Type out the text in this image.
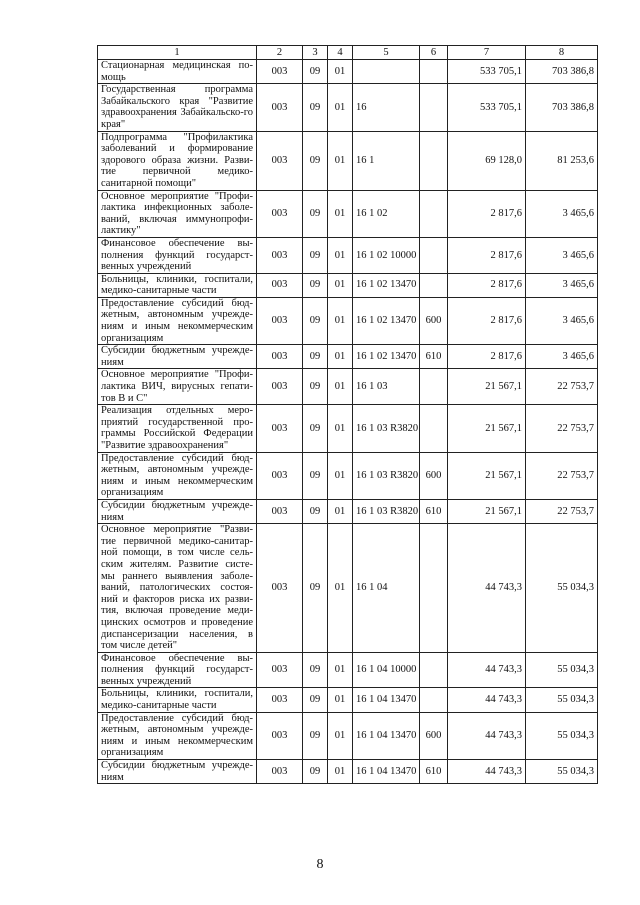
1	2	3	4	5	6	7	8
Стационарная медицинская по-мощь	003	09	01			533 705,1	703 386,8
Государственная программа Забайкальского края "Развитие здравоохранения Забайкальско-го края"	003	09	01	16		533 705,1	703 386,8
Подпрограмма "Профилактика заболеваний и формирование здорового образа жизни. Разви-тие первичной медико-санитарной помощи"	003	09	01	16 1		69 128,0	81 253,6
Основное мероприятие "Профи-лактика инфекционных заболе-ваний, включая иммунопрофи-лактику"	003	09	01	16 1 02		2 817,6	3 465,6
Финансовое обеспечение вы-полнения функций государст-венных учреждений	003	09	01	16 1 02 10000		2 817,6	3 465,6
Больницы, клиники, госпитали, медико-санитарные части	003	09	01	16 1 02 13470		2 817,6	3 465,6
Предоставление субсидий бюд-жетным, автономным учрежде-ниям и иным некоммерческим организациям	003	09	01	16 1 02 13470	600	2 817,6	3 465,6
Субсидии бюджетным учрежде-ниям	003	09	01	16 1 02 13470	610	2 817,6	3 465,6
Основное мероприятие "Профи-лактика ВИЧ, вирусных гепати-тов В и С"	003	09	01	16 1 03		21 567,1	22 753,7
Реализация отдельных меро-приятий государственной про-граммы Российской Федерации "Развитие здравоохранения"	003	09	01	16 1 03 R3820		21 567,1	22 753,7
Предоставление субсидий бюд-жетным, автономным учрежде-ниям и иным некоммерческим организациям	003	09	01	16 1 03 R3820	600	21 567,1	22 753,7
Субсидии бюджетным учрежде-ниям	003	09	01	16 1 03 R3820	610	21 567,1	22 753,7
Основное мероприятие "Разви-тие первичной медико-санитар-ной помощи, в том числе сель-ским жителям. Развитие систе-мы раннего выявления заболе-ваний, патологических состоя-ний и факторов риска их разви-тия, включая проведение меди-цинских осмотров и проведение диспансеризации населения, в том числе детей"	003	09	01	16 1 04		44 743,3	55 034,3
Финансовое обеспечение вы-полнения функций государст-венных учреждений	003	09	01	16 1 04 10000		44 743,3	55 034,3
Больницы, клиники, госпитали, медико-санитарные части	003	09	01	16 1 04 13470		44 743,3	55 034,3
Предоставление субсидий бюд-жетным, автономным учрежде-ниям и иным некоммерческим организациям	003	09	01	16 1 04 13470	600	44 743,3	55 034,3
Субсидии бюджетным учрежде-ниям	003	09	01	16 1 04 13470	610	44 743,3	55 034,3
8
